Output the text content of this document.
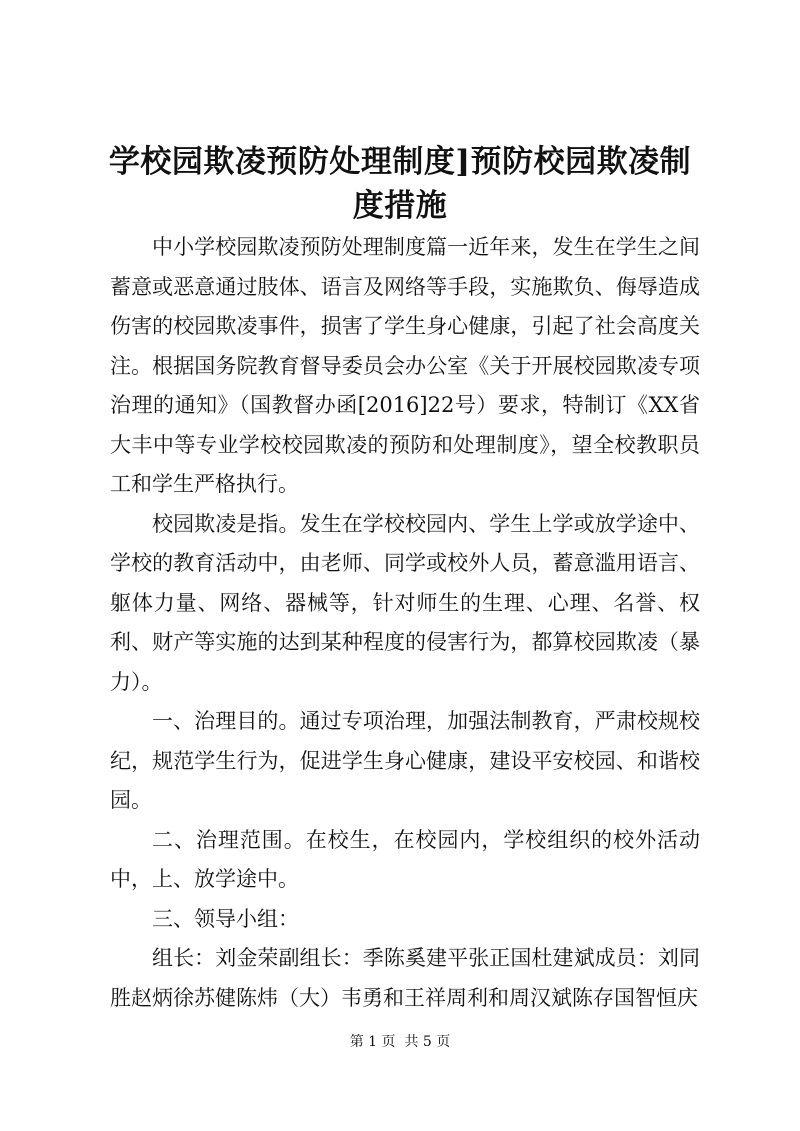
学校园欺凌预防处理制度]预防校园欺凌制度措施

中小学校园欺凌预防处理制度篇一近年来，发生在学生之间蓄意或恶意通过肢体、语言及网络等手段，实施欺负、侮辱造成伤害的校园欺凌事件，损害了学生身心健康，引起了社会高度关注。根据国务院教育督导委员会办公室《关于开展校园欺凌专项治理的通知》（国教督办函[2016]22号）要求，特制订《XX省大丰中等专业学校校园欺凌的预防和处理制度》，望全校教职员工和学生严格执行。

校园欺凌是指。发生在学校校园内、学生上学或放学途中、学校的教育活动中，由老师、同学或校外人员，蓄意滥用语言、躯体力量、网络、器械等，针对师生的生理、心理、名誉、权利、财产等实施的达到某种程度的侵害行为，都算校园欺凌（暴力）。

一、治理目的。通过专项治理，加强法制教育，严肃校规校纪，规范学生行为，促进学生身心健康，建设平安校园、和谐校园。

二、治理范围。在校生，在校园内，学校组织的校外活动中，上、放学途中。

三、领导小组：

组长：刘金荣副组长：季陈奚建平张正国杜建斌成员：刘同胜赵炳徐苏健陈炜（大）韦勇和王祥周利和周汉斌陈存国智恒庆

第 1 页  共 5 页
